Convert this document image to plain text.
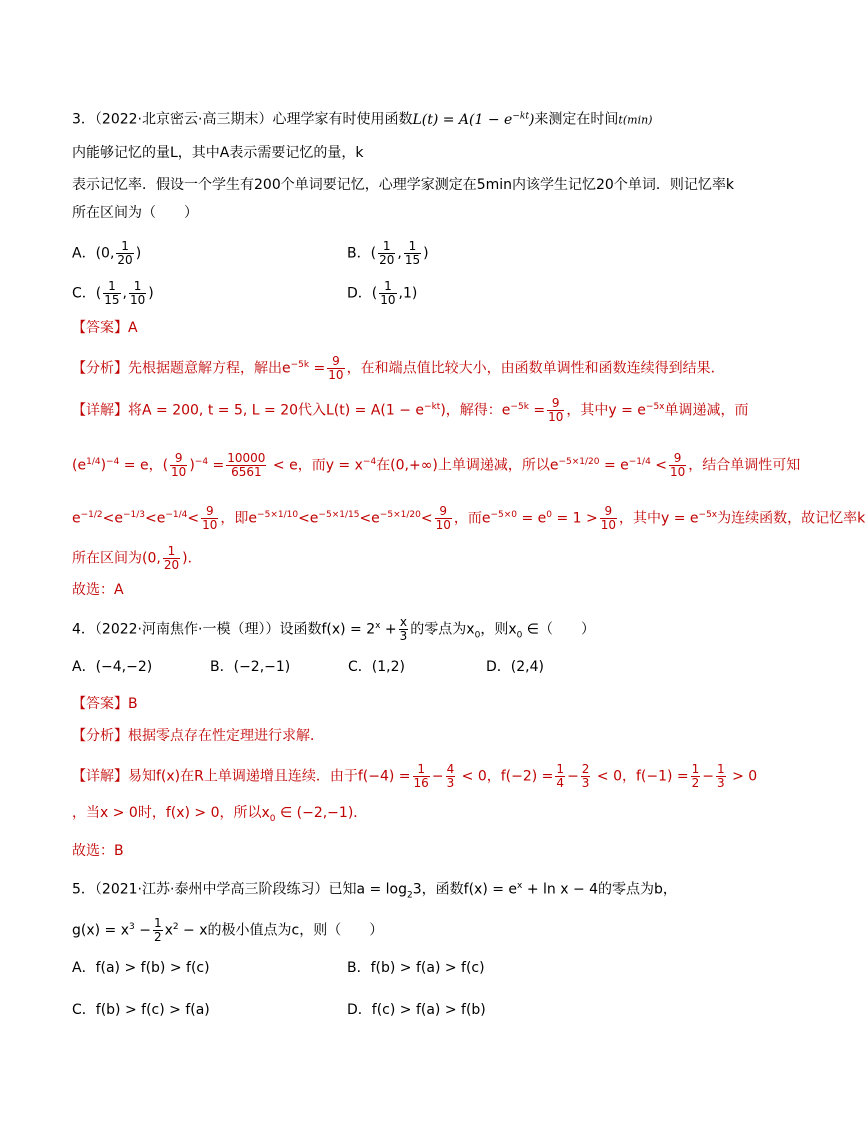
3．（2022·北京密云·高三期末）心理学家有时使用函数$L(t) = A(1 - e^{-kt})$来测定在时间t(min)
内能够记忆的量L，其中A表示需要记忆的量，k
表示记忆率．假设一个学生有200个单词要记忆，心理学家测定在5min内该学生记忆20个单词．则记忆率k
所在区间为（　　）
A．(0, $\frac{1}{20}$ )	B．( $\frac{1}{20}$ , $\frac{1}{15}$ )
C．( $\frac{1}{15}$ , $\frac{1}{10}$ )	D．( $\frac{1}{10} ,1$)
【答案】A
【分析】先根据题意解方程，解出$e^{-5k} = \frac{9}{10}$ ，在和端点值比较大小，由函数单调性和函数连续得到结果．
【详解】将A = 200, t = 5, L = 20代入$L(t) = A(1 - e^{-kt})$，解得：$e^{-5k} = \frac{9}{10}$ ，其中$y = e^{-5x}$单调递减，而
$(e^{1/4})^{-4} = e$，( $\frac{9}{10} )^{-4} = \frac{10000}{6561} < e$，而$y = x^{-4}$在(0,+∞)上单调递减，所以$e^{-5\times 1/20} = e^{-1/4} < \frac{9}{10}$ ，结合单调性可知
$e^{-1/2}<e^{-1/3}<e^{-1/4}< \frac{9}{10}$ ，即$e^{-5\times 1/10}<e^{-5\times 1/15}<e^{-5\times 1/20}< \frac{9}{10}$ ，而$e^{-5\times 0} = e^0 = 1 > \frac{9}{10}$ ，其中$y = e^{-5x}$为连续函数，故记忆率k
所在区间为(0, $\frac{1}{20}$ )．
故选：A
4．（2022·河南焦作·一模（理））设函数$f(x) = 2^x + \frac{x}{3}$ 的零点为$x_0$，则$x_0$ ∈（　　）
A．(−4,−2)	B．(−2,−1)	C．(1,2)	D．(2,4)
【答案】B
【分析】根据零点存在性定理进行求解．
【详解】易知f(x)在R上单调递增且连续．由于$f(-4) = \frac{1}{16} - \frac{4}{3} < 0$，$f(-2) = \frac{1}{4} - \frac{2}{3} < 0$，$f(-1) = \frac{1}{2} - \frac{1}{3} > 0$
，当x > 0时，f(x) > 0，所以$x_0$ ∈ (−2,−1)．
故选：B
5．（2021·江苏·泰州中学高三阶段练习）已知$a = \log_23$，函数$f(x) = e^x + \ln x - 4$的零点为b，
$g(x) = x^3 - \frac{1}{2} x^2 - x$的极小值点为c，则（　　）
A．f(a) > f(b) > f(c)	B．f(b) > f(a) > f(c)
C．f(b) > f(c) > f(a)	D．f(c) > f(a) > f(b)
